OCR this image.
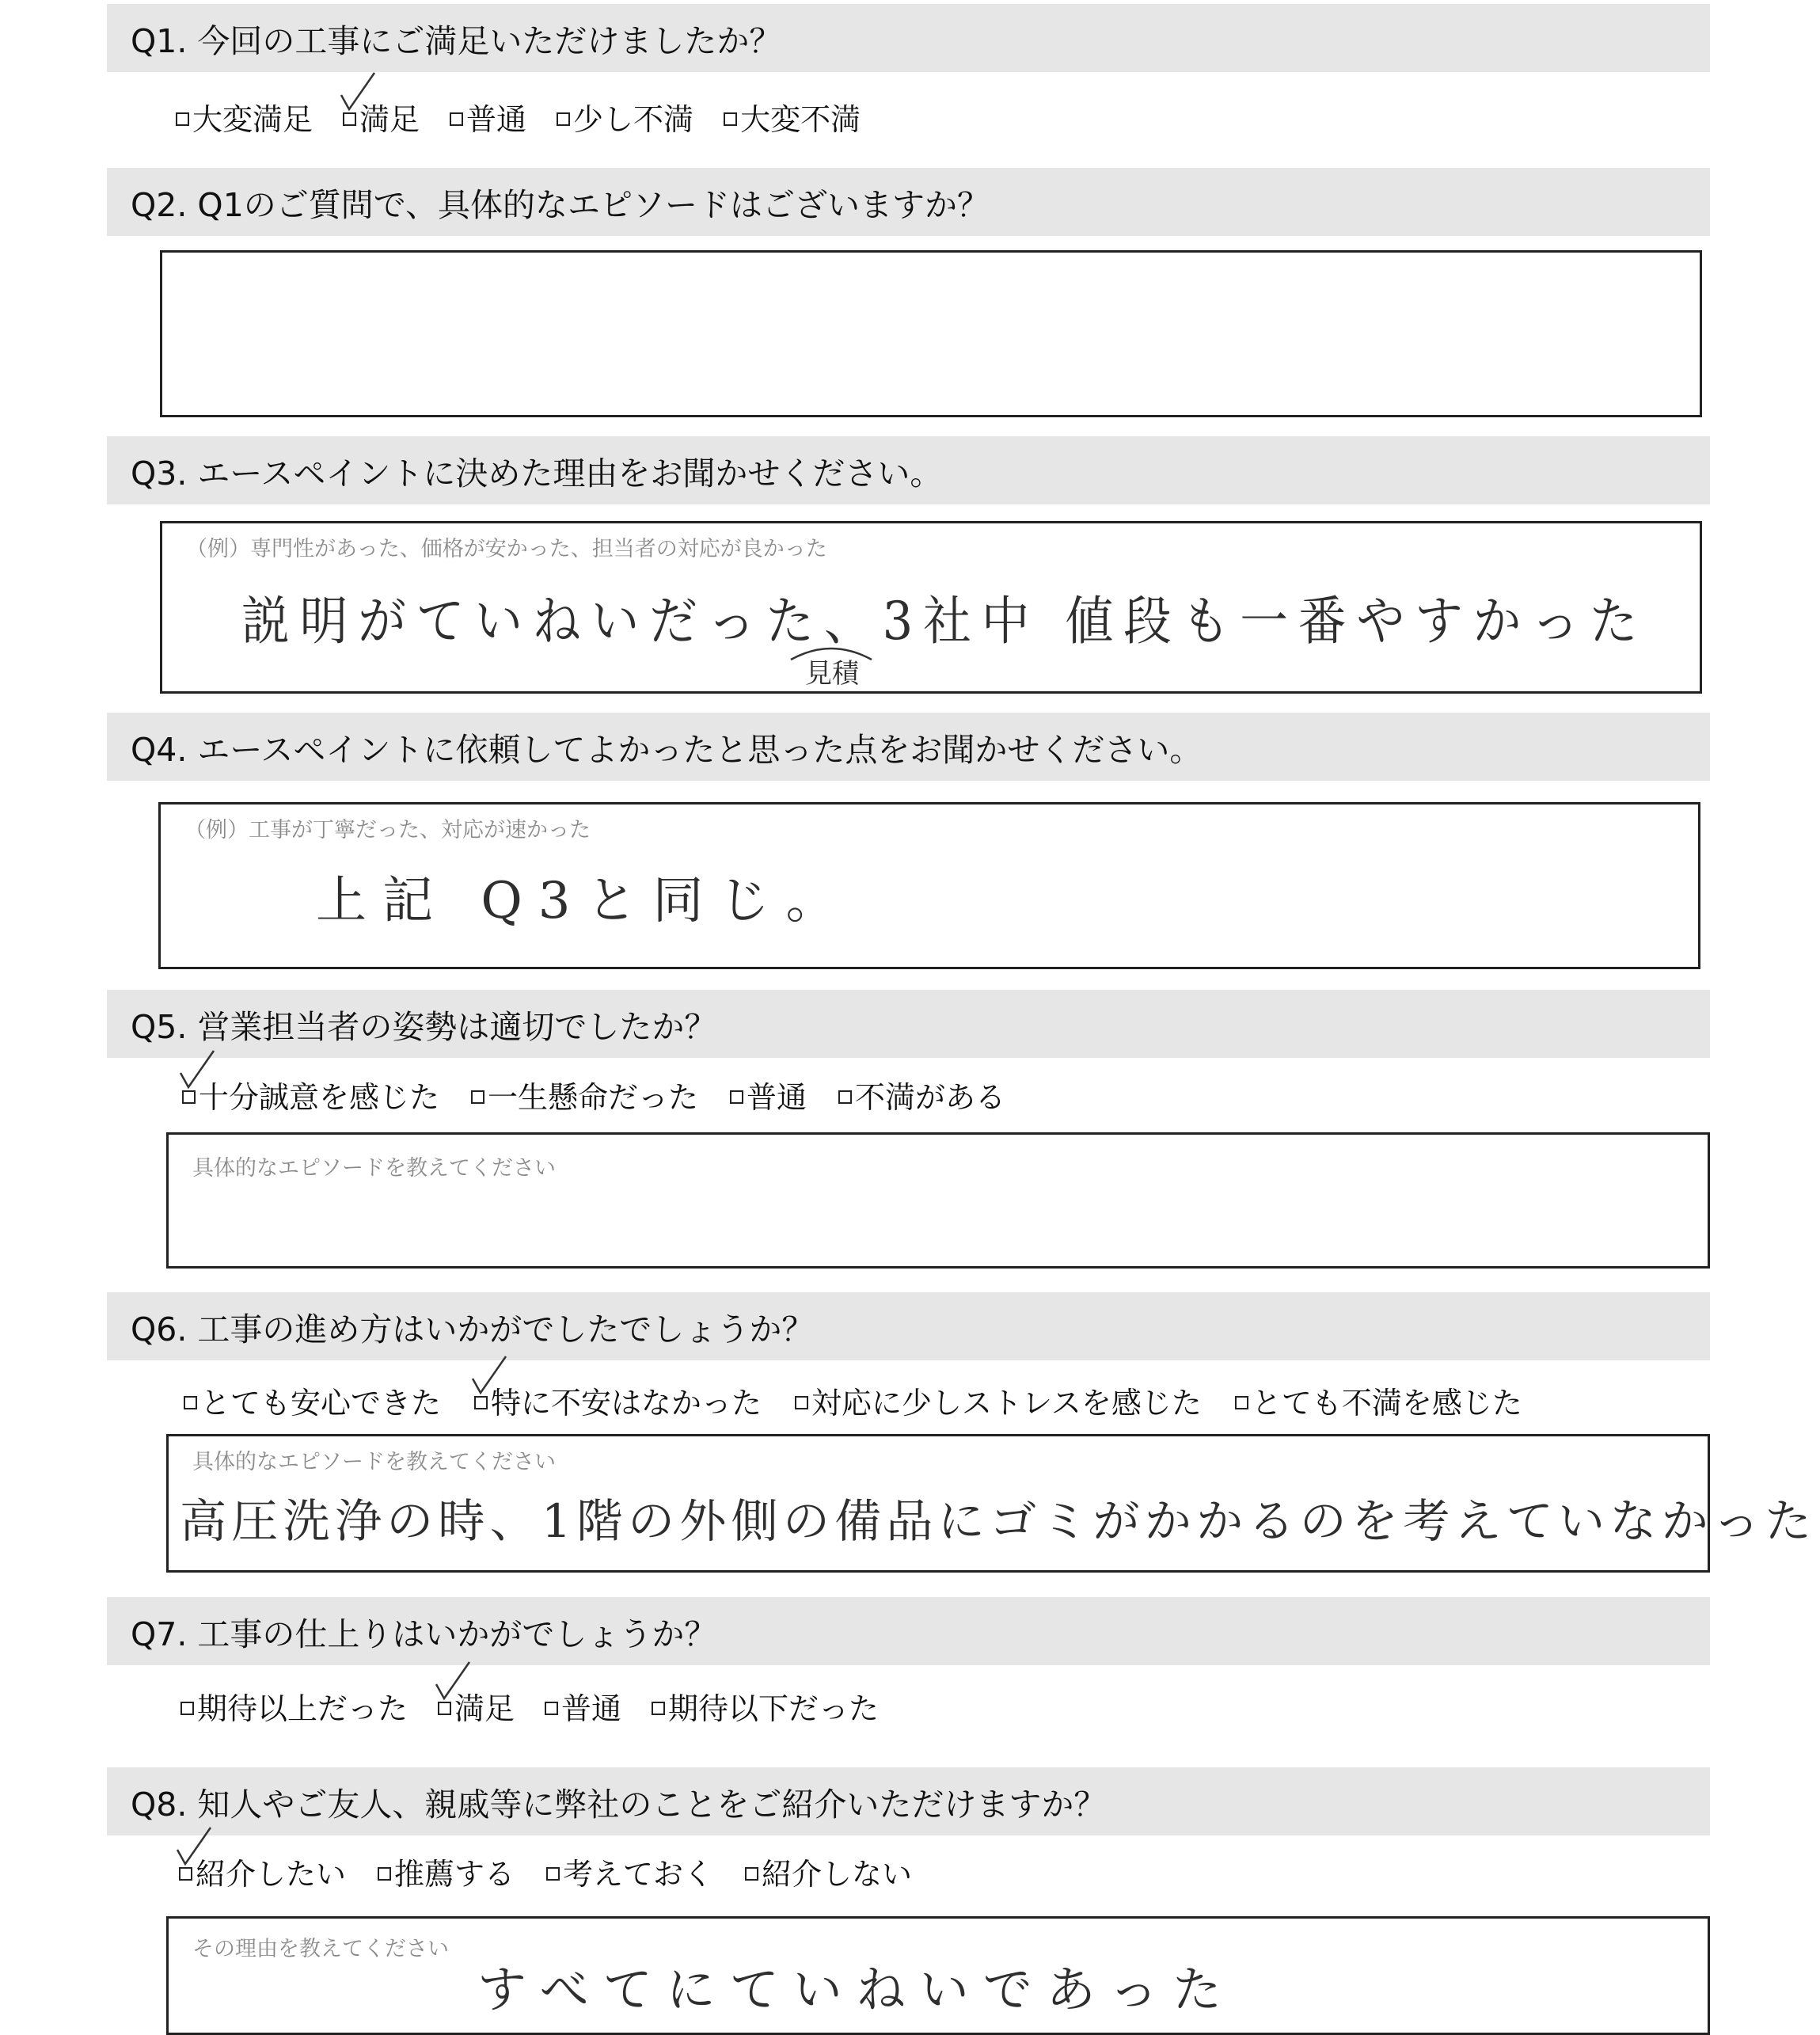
Q1. 今回の工事にご満足いただけましたか？
大変満足 満足 普通 少し不満 大変不満
Q2. Q1のご質問で、具体的なエピソードはございますか？
Q3. エースペイントに決めた理由をお聞かせください。
（例）専門性があった、価格が安かった、担当者の対応が良かった
説明がていねいだった、3社中 値段も一番やすかった
見積
Q4. エースペイントに依頼してよかったと思った点をお聞かせください。
（例）工事が丁寧だった、対応が速かった
上記 Q3と同じ。
Q5. 営業担当者の姿勢は適切でしたか？
十分誠意を感じた 一生懸命だった 普通 不満がある
具体的なエピソードを教えてください
Q6. 工事の進め方はいかがでしたでしょうか？
とても安心できた 特に不安はなかった 対応に少しストレスを感じた とても不満を感じた
具体的なエピソードを教えてください
高圧洗浄の時、1階の外側の備品にゴミがかかるのを考えていなかった
Q7. 工事の仕上りはいかがでしょうか？
期待以上だった 満足 普通 期待以下だった
Q8. 知人やご友人、親戚等に弊社のことをご紹介いただけますか？
紹介したい 推薦する 考えておく 紹介しない
その理由を教えてください
すべてにていねいであった
